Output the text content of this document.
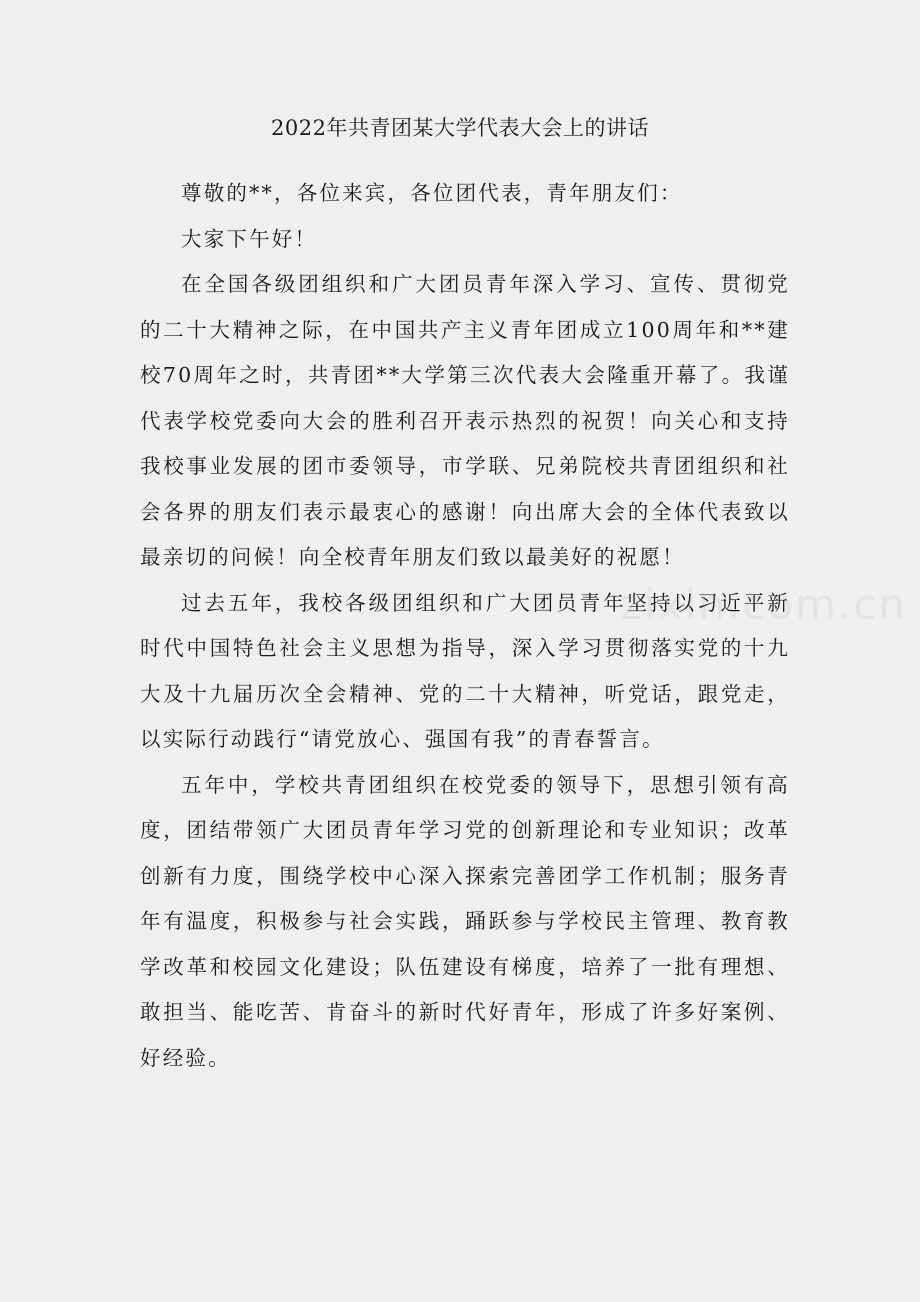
2022年共青团某大学代表大会上的讲话

尊敬的**，各位来宾，各位团代表，青年朋友们：

大家下午好！

在全国各级团组织和广大团员青年深入学习、宣传、贯彻党的二十大精神之际，在中国共产主义青年团成立100周年和**建校70周年之时，共青团**大学第三次代表大会隆重开幕了。我谨代表学校党委向大会的胜利召开表示热烈的祝贺！向关心和支持我校事业发展的团市委领导，市学联、兄弟院校共青团组织和社会各界的朋友们表示最衷心的感谢！向出席大会的全体代表致以最亲切的问候！向全校青年朋友们致以最美好的祝愿！

过去五年，我校各级团组织和广大团员青年坚持以习近平新时代中国特色社会主义思想为指导，深入学习贯彻落实党的十九大及十九届历次全会精神、党的二十大精神，听党话，跟党走，以实际行动践行“请党放心、强国有我”的青春誓言。

五年中，学校共青团组织在校党委的领导下，思想引领有高度，团结带领广大团员青年学习党的创新理论和专业知识；改革创新有力度，围绕学校中心深入探索完善团学工作机制；服务青年有温度，积极参与社会实践，踊跃参与学校民主管理、教育教学改革和校园文化建设；队伍建设有梯度，培养了一批有理想、敢担当、能吃苦、肯奋斗的新时代好青年，形成了许多好案例、好经验。

zixin.com.cn
